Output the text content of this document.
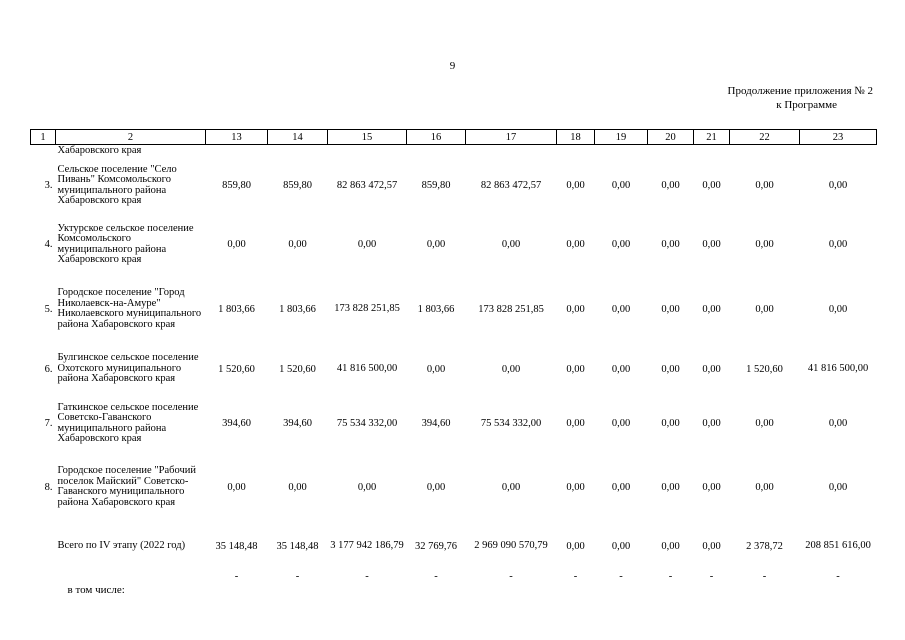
9
Продолжение приложения № 2
к Программе
1	2	13	14	15	16	17	18	19	20	21	22	23
	Хабаровского края											
3.	Сельское поселение "Село Пивань" Комсомольского муниципального района Хабаровского края	859,80	859,80	82 863 472,57	859,80	82 863 472,57	0,00	0,00	0,00	0,00	0,00	0,00
4.	Уктурское сельское поселение Комсомольского муниципального района Хабаровского края	0,00	0,00	0,00	0,00	0,00	0,00	0,00	0,00	0,00	0,00	0,00
5.	Городское поселение "Город Николаевск-на-Амуре" Николаевского муниципального района Хабаровского края	1 803,66	1 803,66	173 828 251,85	1 803,66	173 828 251,85	0,00	0,00	0,00	0,00	0,00	0,00
6.	Булгинское сельское поселение Охотского муниципального района Хабаровского края	1 520,60	1 520,60	41 816 500,00	0,00	0,00	0,00	0,00	0,00	0,00	1 520,60	41 816 500,00
7.	Гаткинское сельское поселение Советско-Гаванского муниципального района Хабаровского края	394,60	394,60	75 534 332,00	394,60	75 534 332,00	0,00	0,00	0,00	0,00	0,00	0,00
8.	Городское поселение "Рабочий поселок Майский" Советско-Гаванского муниципального района Хабаровского края	0,00	0,00	0,00	0,00	0,00	0,00	0,00	0,00	0,00	0,00	0,00
	Всего по IV этапу (2022 год)	35 148,48	35 148,48	3 177 942 186,79	32 769,76	2 969 090 570,79	0,00	0,00	0,00	0,00	2 378,72	208 851 616,00
	в том числе:	-	-	-	-	-	-	-	-	-	-	-
